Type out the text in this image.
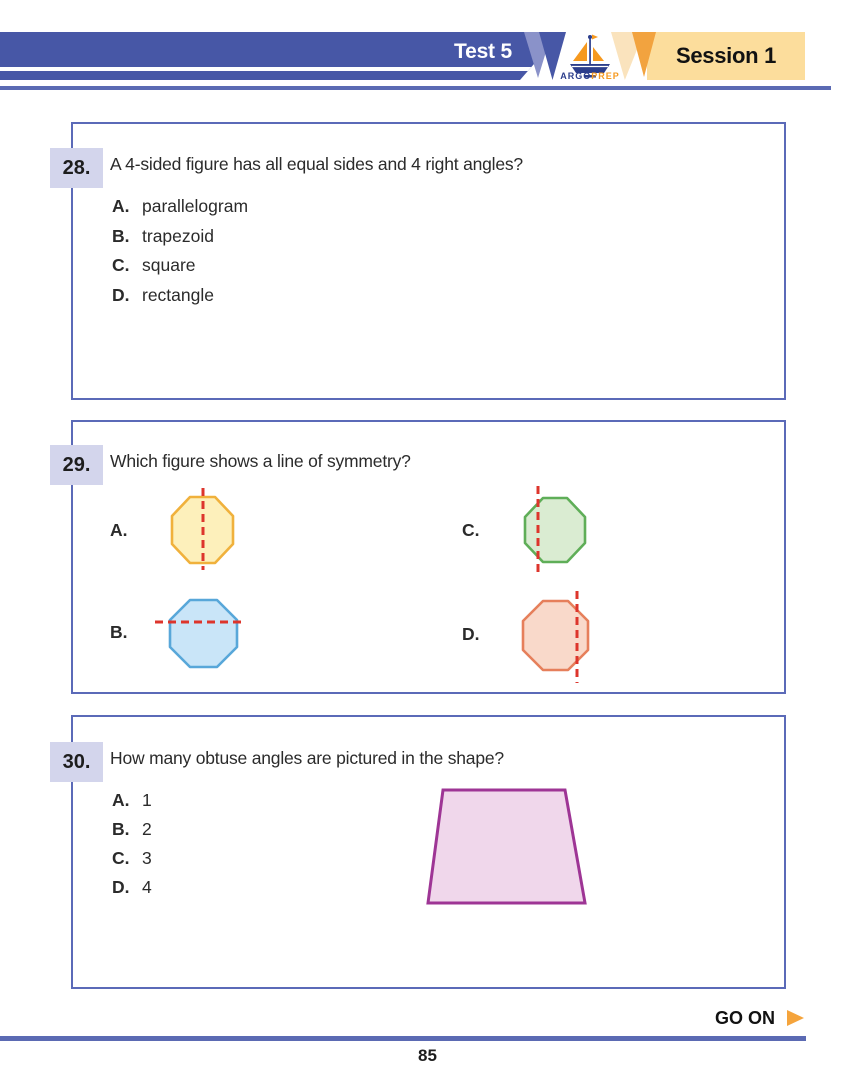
Test 5	Session 1
ARGOPREP
28.	A 4-sided figure has all equal sides and 4 right angles?
A. parallelogram
B. trapezoid
C. square
D. rectangle
29.	Which figure shows a line of symmetry?
A.	C.
B.	D.
30.	How many obtuse angles are pictured in the shape?
A. 1
B. 2
C. 3
D. 4
GO ON
85
